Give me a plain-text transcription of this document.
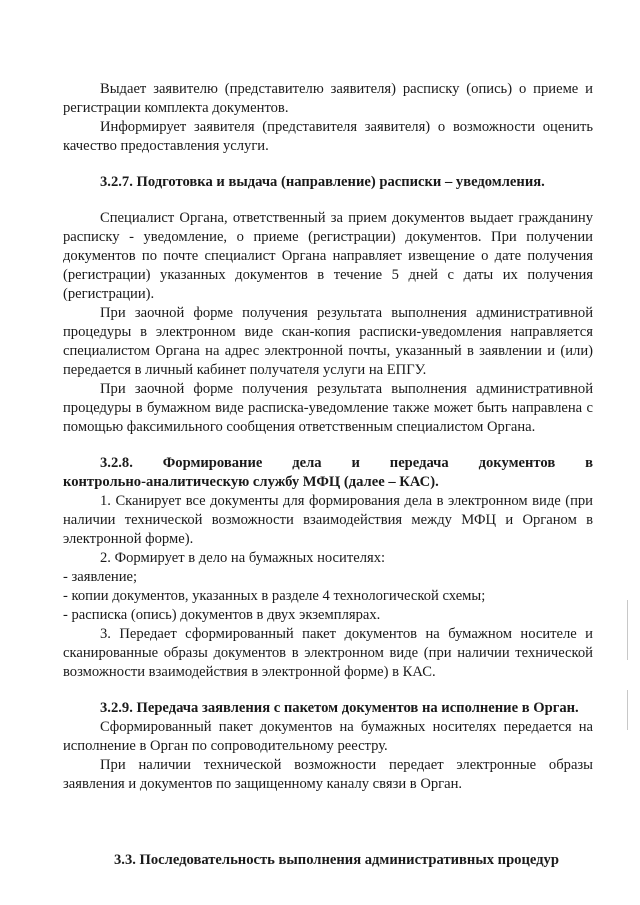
Выдает заявителю (представителю заявителя) расписку (опись) о приеме и регистрации комплекта документов.

Информирует заявителя (представителя заявителя) о возможности оценить качество предоставления услуги.

3.2.7. Подготовка и выдача (направление) расписки – уведомления.

Специалист Органа, ответственный за прием документов выдает гражданину расписку - уведомление, о приеме (регистрации) документов. При получении документов по почте специалист Органа направляет извещение о дате получения (регистрации) указанных документов в течение 5 дней с даты их получения (регистрации).

При заочной форме получения результата выполнения административной процедуры в электронном виде скан-копия расписки-уведомления направляется специалистом Органа на адрес электронной почты, указанный в заявлении и (или) передается в личный кабинет получателя услуги на ЕПГУ.

При заочной форме получения результата выполнения административной процедуры в бумажном виде расписка-уведомление также может быть направлена с помощью факсимильного сообщения ответственным специалистом Органа.

3.2.8. Формирование дела и передача документов в

контрольно-аналитическую службу МФЦ (далее – КАС).

1. Сканирует все документы для формирования дела в электронном виде (при наличии технической возможности взаимодействия между МФЦ и Органом в электронной форме).

2. Формирует в дело на бумажных носителях:

- заявление;

- копии документов, указанных в разделе 4 технологической схемы;

- расписка (опись) документов в двух экземплярах.

3. Передает сформированный пакет документов на бумажном носителе и сканированные образы документов в электронном виде (при наличии технической возможности взаимодействия в электронной форме) в КАС.

3.2.9. Передача заявления с пакетом документов на исполнение в Орган.

Сформированный пакет документов на бумажных носителях передается на исполнение в Орган по сопроводительному реестру.

При наличии технической возможности передает электронные образы заявления и документов по защищенному каналу связи в Орган.

3.3. Последовательность выполнения административных процедур
